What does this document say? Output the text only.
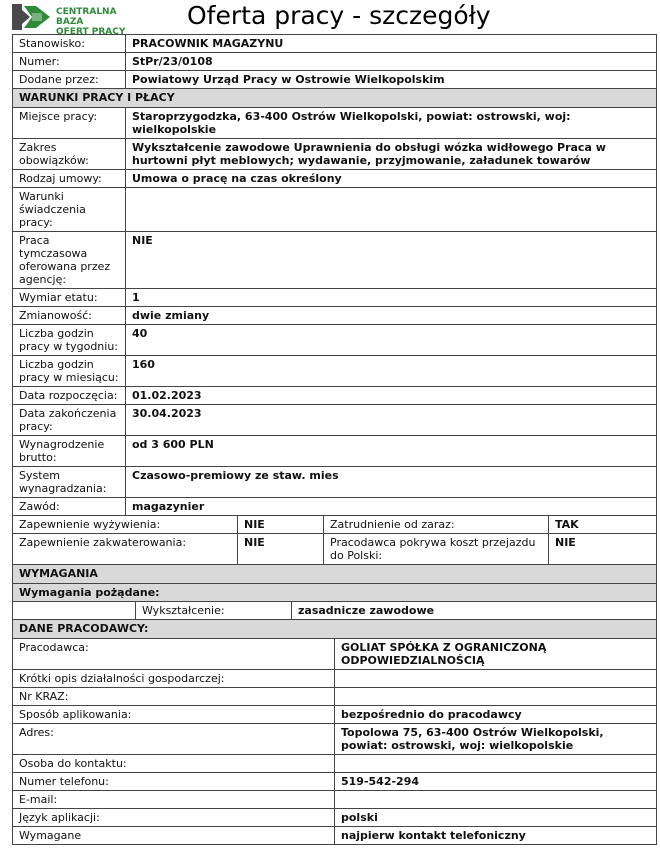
CENTRALNA BAZA
OFERT PRACY
Oferta pracy - szczegóły
Stanowisko:	PRACOWNIK MAGAZYNU
Numer:	StPr/23/0108
Dodane przez:	Powiatowy Urząd Pracy w Ostrowie Wielkopolskim
WARUNKI PRACY I PŁACY	
Miejsce pracy:	Staroprzygodzka, 63-400 Ostrów Wielkopolski, powiat: ostrowski, woj: wielkopolskie
Zakres obowiązków:	Wykształcenie zawodowe Uprawnienia do obsługi wózka widłowego Praca w hurtowni płyt meblowych; wydawanie, przyjmowanie, załadunek towarów
Rodzaj umowy:	Umowa o pracę na czas określony
Warunki świadczenia pracy:	
Praca tymczasowa oferowana przez agencję:	NIE
Wymiar etatu:	1
Zmianowość:	dwie zmiany
Liczba godzin pracy w tygodniu:	40
Liczba godzin pracy w miesiącu:	160
Data rozpoczęcia:	01.02.2023
Data zakończenia pracy:	30.04.2023
Wynagrodzenie brutto:	od 3 600 PLN
System wynagradzania:	Czasowo-premiowy ze staw. mies
Zawód:	magazynier
Zapewnienie wyżywienia:	NIE	Zatrudnienie od zaraz:	TAK
Zapewnienie zakwaterowania:	NIE	Pracodawca pokrywa koszt przejazdu do Polski:	NIE
WYMAGANIA
Wymagania pożądane:
	Wykształcenie:	zasadnicze zawodowe
DANE PRACODAWCY:	
Pracodawca:	GOLIAT SPÓŁKA Z OGRANICZONĄ ODPOWIEDZIALNOŚCIĄ
Krótki opis działalności gospodarczej:	
Nr KRAZ:	
Sposób aplikowania:	bezpośrednio do pracodawcy
Adres:	Topolowa 75, 63-400 Ostrów Wielkopolski, powiat: ostrowski, woj: wielkopolskie
Osoba do kontaktu:	
Numer telefonu:	519-542-294
E-mail:	
Język aplikacji:	polski
Wymagane	najpierw kontakt telefoniczny
